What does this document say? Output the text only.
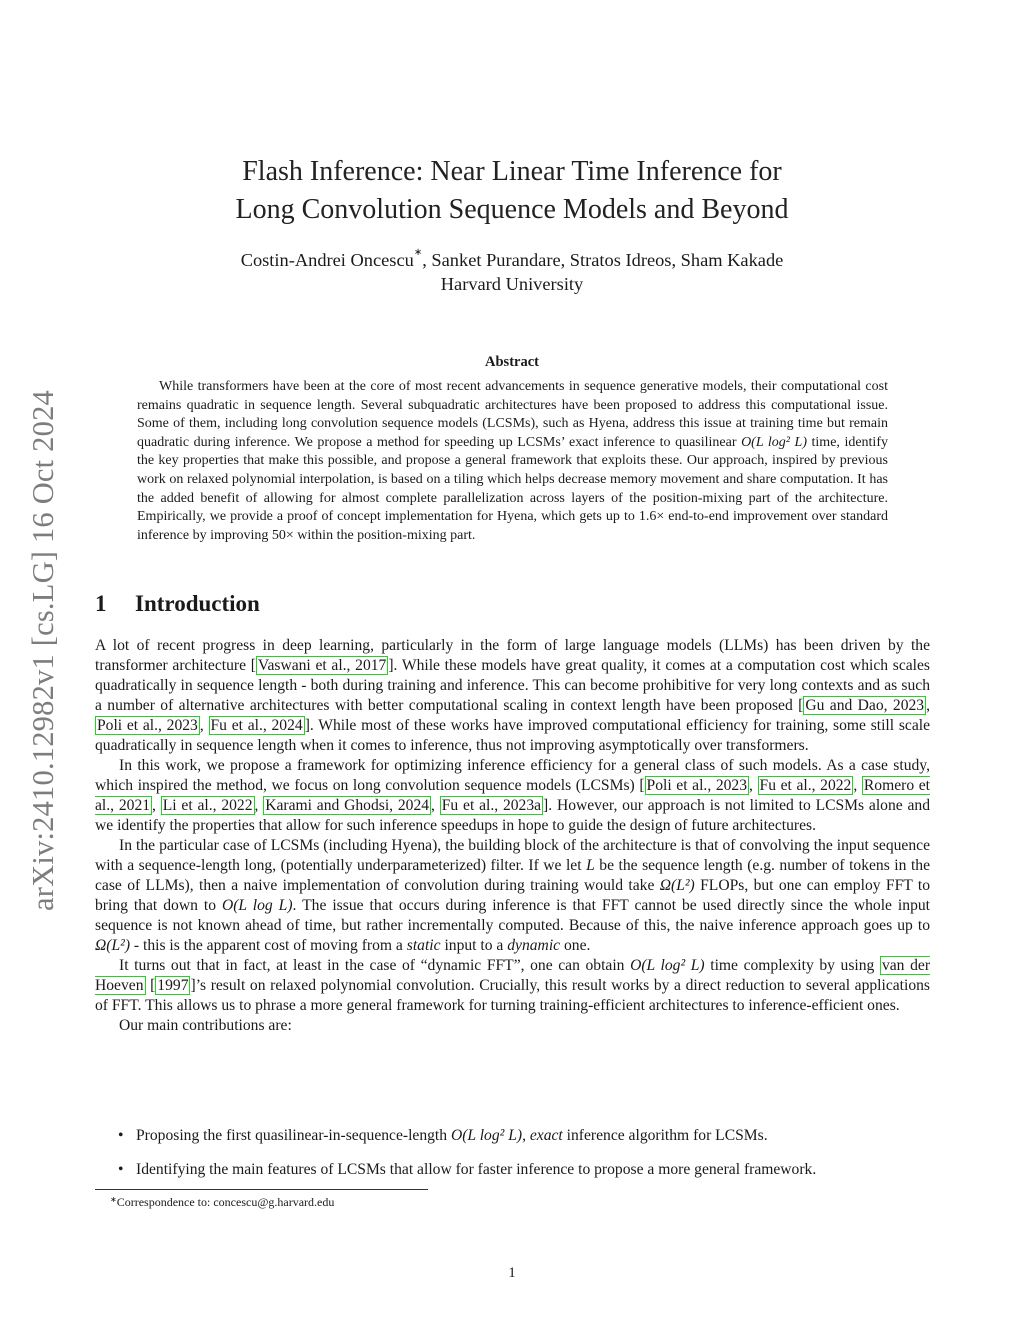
arXiv:2410.12982v1 [cs.LG] 16 Oct 2024
Flash Inference: Near Linear Time Inference for
Long Convolution Sequence Models and Beyond
Costin-Andrei Oncescu∗, Sanket Purandare, Stratos Idreos, Sham Kakade
Harvard University
Abstract

While transformers have been at the core of most recent advancements in sequence generative models, their computational cost remains quadratic in sequence length. Several subquadratic architectures have been proposed to address this computational issue. Some of them, including long convolution sequence models (LCSMs), such as Hyena, address this issue at training time but remain quadratic during inference. We propose a method for speeding up LCSMs’ exact inference to quasilinear O(L log² L) time, identify the key properties that make this possible, and propose a general framework that exploits these. Our approach, inspired by previous work on relaxed polynomial interpolation, is based on a tiling which helps decrease memory movement and share computation. It has the added benefit of allowing for almost complete parallelization across layers of the position-mixing part of the architecture. Empirically, we provide a proof of concept implementation for Hyena, which gets up to 1.6× end-to-end improvement over standard inference by improving 50× within the position-mixing part.

1 Introduction

A lot of recent progress in deep learning, particularly in the form of large language models (LLMs) has been driven by the transformer architecture [ Vaswani et al., 2017 ]. While these models have great quality, it comes at a computation cost which scales quadratically in sequence length - both during training and inference. This can become prohibitive for very long contexts and as such a number of alternative architectures with better computational scaling in context length have been proposed [ Gu and Dao, 2023 , Poli et al., 2023 , Fu et al., 2024 ]. While most of these works have improved computational efficiency for training, some still scale quadratically in sequence length when it comes to inference, thus not improving asymptotically over transformers.

In this work, we propose a framework for optimizing inference efficiency for a general class of such models. As a case study, which inspired the method, we focus on long convolution sequence models (LCSMs) [ Poli et al., 2023 , Fu et al., 2022 , Romero et al., 2021 , Li et al., 2022 , Karami and Ghodsi, 2024 , Fu et al., 2023a ]. However, our approach is not limited to LCSMs alone and we identify the properties that allow for such inference speedups in hope to guide the design of future architectures.

In the particular case of LCSMs (including Hyena), the building block of the architecture is that of convolving the input sequence with a sequence-length long, (potentially underparameterized) filter. If we let L be the sequence length (e.g. number of tokens in the case of LLMs), then a naive implementation of convolution during training would take Ω(L²) FLOPs, but one can employ FFT to bring that down to O(L log L). The issue that occurs during inference is that FFT cannot be used directly since the whole input sequence is not known ahead of time, but rather incrementally computed. Because of this, the naive inference approach goes up to Ω(L²) - this is the apparent cost of moving from a static input to a dynamic one.

It turns out that in fact, at least in the case of “dynamic FFT”, one can obtain O(L log² L) time complexity by using van der Hoeven [ 1997 ]’s result on relaxed polynomial convolution. Crucially, this result works by a direct reduction to several applications of FFT. This allows us to phrase a more general framework for turning training-efficient architectures to inference-efficient ones.

Our main contributions are:

• Proposing the first quasilinear-in-sequence-length O(L log² L), exact inference algorithm for LCSMs.
• Identifying the main features of LCSMs that allow for faster inference to propose a more general framework.
∗Correspondence to: concescu@g.harvard.edu
1
